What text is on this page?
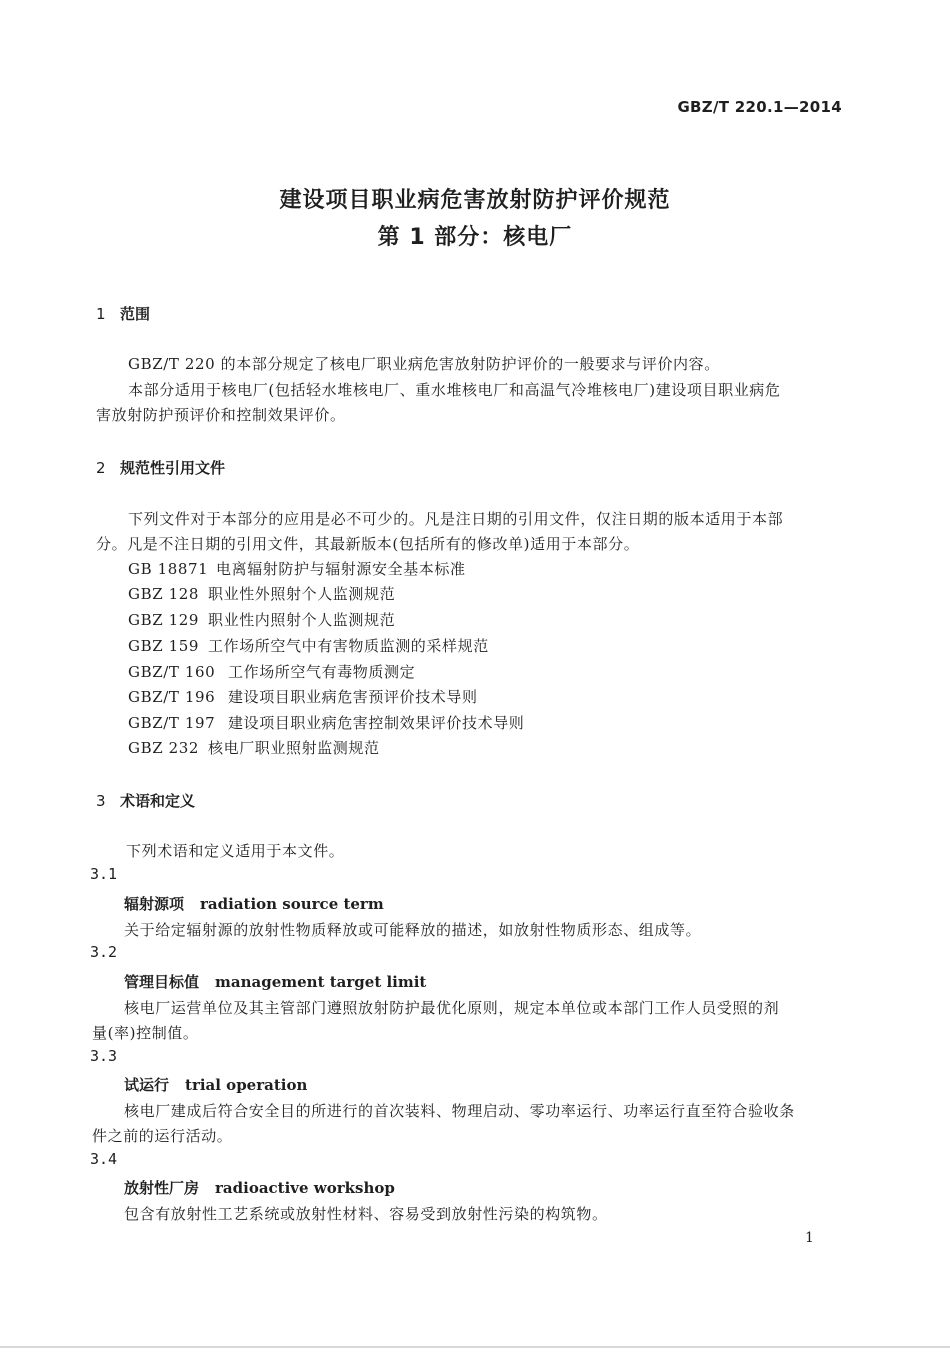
GBZ/T 220.1—2014
建设项目职业病危害放射防护评价规范
第 1 部分：核电厂
1 范围
GBZ/T 220 的本部分规定了核电厂职业病危害放射防护评价的一般要求与评价内容。
本部分适用于核电厂(包括轻水堆核电厂、重水堆核电厂和高温气冷堆核电厂)建设项目职业病危
害放射防护预评价和控制效果评价。
2 规范性引用文件
下列文件对于本部分的应用是必不可少的。凡是注日期的引用文件，仅注日期的版本适用于本部
分。凡是不注日期的引用文件，其最新版本(包括所有的修改单)适用于本部分。
GB 18871 电离辐射防护与辐射源安全基本标准
GBZ 128 职业性外照射个人监测规范
GBZ 129 职业性内照射个人监测规范
GBZ 159 工作场所空气中有害物质监测的采样规范
GBZ/T 160 工作场所空气有毒物质测定
GBZ/T 196 建设项目职业病危害预评价技术导则
GBZ/T 197 建设项目职业病危害控制效果评价技术导则
GBZ 232 核电厂职业照射监测规范
3 术语和定义
下列术语和定义适用于本文件。
3.1
辐射源项 radiation source term
关于给定辐射源的放射性物质释放或可能释放的描述，如放射性物质形态、组成等。
3.2
管理目标值 management target limit
核电厂运营单位及其主管部门遵照放射防护最优化原则，规定本单位或本部门工作人员受照的剂
量(率)控制值。
3.3
试运行 trial operation
核电厂建成后符合安全目的所进行的首次装料、物理启动、零功率运行、功率运行直至符合验收条
件之前的运行活动。
3.4
放射性厂房 radioactive workshop
包含有放射性工艺系统或放射性材料、容易受到放射性污染的构筑物。
1
